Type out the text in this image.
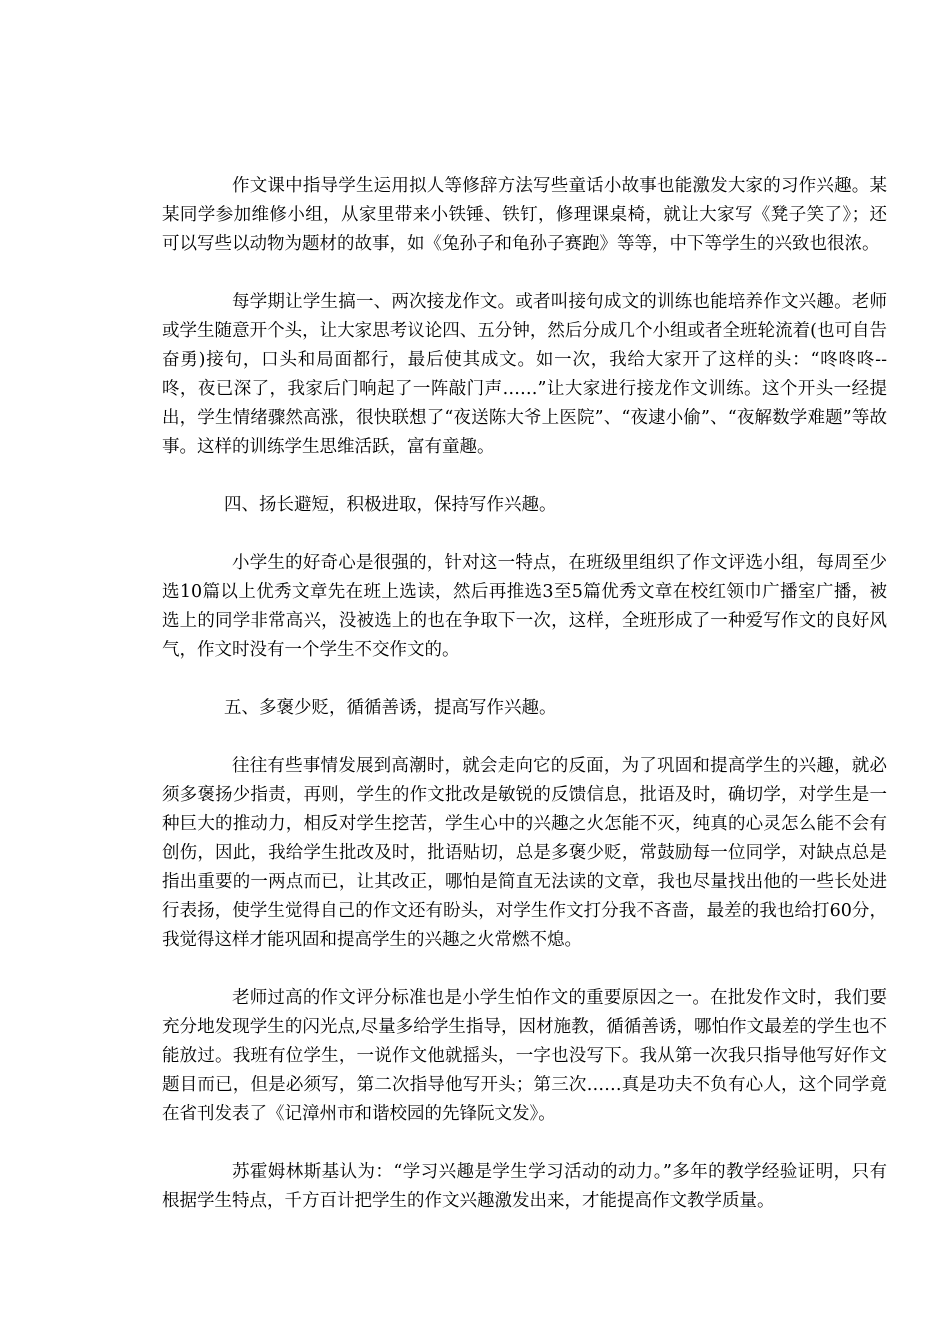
作文课中指导学生运用拟人等修辞方法写些童话小故事也能激发大家的习作兴趣。某某同学参加维修小组，从家里带来小铁锤、铁钉，修理课桌椅，就让大家写《凳子笑了》；还可以写些以动物为题材的故事，如《兔孙子和龟孙子赛跑》等等，中下等学生的兴致也很浓。

每学期让学生搞一、两次接龙作文。或者叫接句成文的训练也能培养作文兴趣。老师或学生随意开个头，让大家思考议论四、五分钟，然后分成几个小组或者全班轮流着(也可自告奋勇)接句，口头和局面都行，最后使其成文。如一次，我给大家开了这样的头：“咚咚咚--咚，夜已深了，我家后门响起了一阵敲门声……”让大家进行接龙作文训练。这个开头一经提出，学生情绪骤然高涨，很快联想了“夜送陈大爷上医院”、“夜逮小偷”、“夜解数学难题”等故事。这样的训练学生思维活跃，富有童趣。

四、扬长避短，积极进取，保持写作兴趣。

小学生的好奇心是很强的，针对这一特点，在班级里组织了作文评选小组，每周至少选10篇以上优秀文章先在班上选读，然后再推选3至5篇优秀文章在校红领巾广播室广播，被选上的同学非常高兴，没被选上的也在争取下一次，这样，全班形成了一种爱写作文的良好风气，作文时没有一个学生不交作文的。

五、多褒少贬，循循善诱，提高写作兴趣。

往往有些事情发展到高潮时，就会走向它的反面，为了巩固和提高学生的兴趣，就必须多褒扬少指责，再则，学生的作文批改是敏锐的反馈信息，批语及时，确切学，对学生是一种巨大的推动力，相反对学生挖苦，学生心中的兴趣之火怎能不灭，纯真的心灵怎么能不会有创伤，因此，我给学生批改及时，批语贴切，总是多褒少贬，常鼓励每一位同学，对缺点总是指出重要的一两点而已，让其改正，哪怕是简直无法读的文章，我也尽量找出他的一些长处进行表扬，使学生觉得自己的作文还有盼头，对学生作文打分我不吝啬，最差的我也给打60分，我觉得这样才能巩固和提高学生的兴趣之火常燃不熄。

老师过高的作文评分标准也是小学生怕作文的重要原因之一。在批发作文时，我们要充分地发现学生的闪光点,尽量多给学生指导，因材施教，循循善诱，哪怕作文最差的学生也不能放过。我班有位学生，一说作文他就摇头，一字也没写下。我从第一次我只指导他写好作文题目而已，但是必须写，第二次指导他写开头；第三次……真是功夫不负有心人，这个同学竟在省刊发表了《记漳州市和谐校园的先锋阮文发》。

苏霍姆林斯基认为：“学习兴趣是学生学习活动的动力。”多年的教学经验证明，只有根据学生特点，千方百计把学生的作文兴趣激发出来，才能提高作文教学质量。
